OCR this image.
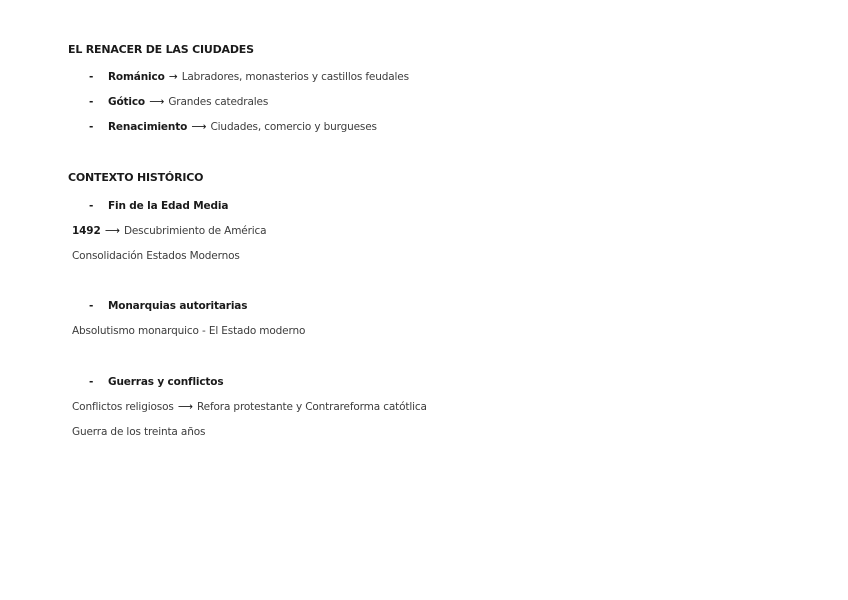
EL RENACER DE LAS CIUDADES
- Románico → Labradores, monasterios y castillos feudales
- Gótico ⟶ Grandes catedrales
- Renacimiento ⟶ Ciudades, comercio y burgueses
CONTEXTO HISTÓRICO
- Fin de la Edad Media
1492 ⟶ Descubrimiento de América
Consolidación Estados Modernos
- Monarquias autoritarias
Absolutismo monarquico - El Estado moderno
- Guerras y conflictos
Conflictos religiosos ⟶ Refora protestante y Contrareforma catótlica
Guerra de los treinta años
